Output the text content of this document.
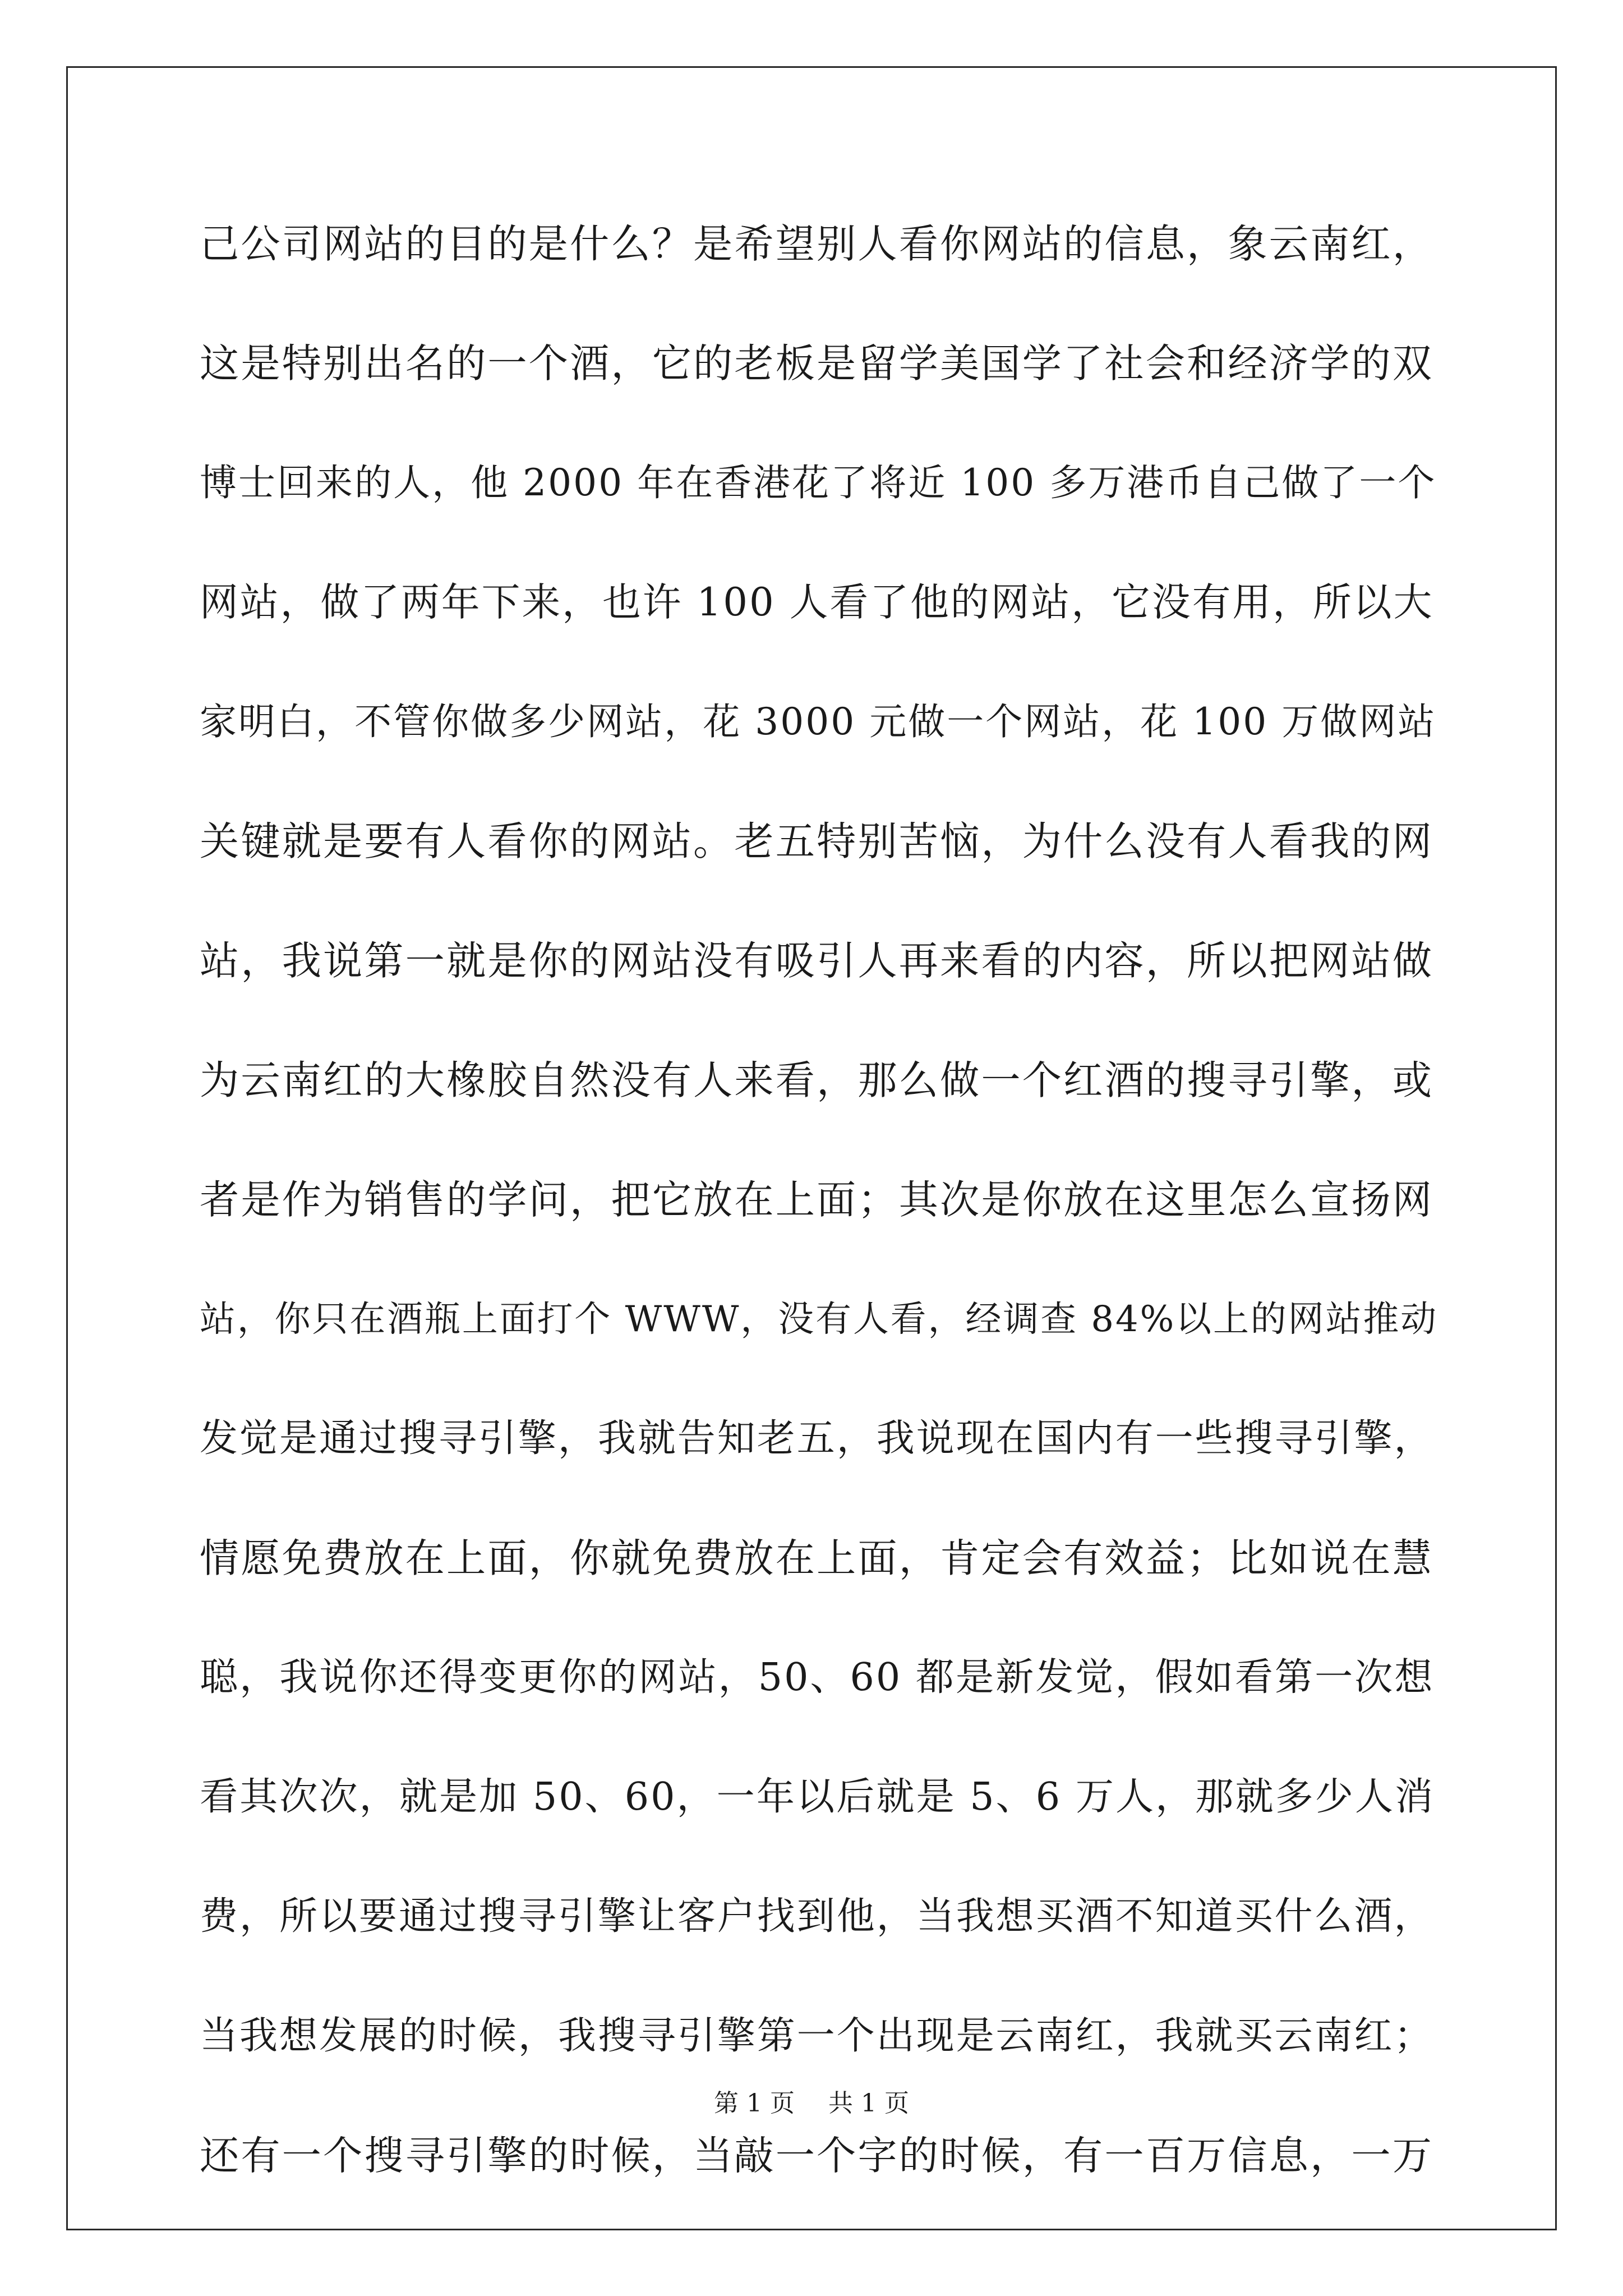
己公司网站的目的是什么？是希望别人看你网站的信息，象云南红，
这是特别出名的一个酒，它的老板是留学美国学了社会和经济学的双
博士回来的人，他 2000 年在香港花了将近 100 多万港币自己做了一个
网站，做了两年下来，也许 100 人看了他的网站，它没有用，所以大
家明白，不管你做多少网站，花 3000 元做一个网站，花 100 万做网站
关键就是要有人看你的网站。老五特别苦恼，为什么没有人看我的网
站，我说第一就是你的网站没有吸引人再来看的内容，所以把网站做
为云南红的大橡胶自然没有人来看，那么做一个红酒的搜寻引擎，或
者是作为销售的学问，把它放在上面；其次是你放在这里怎么宣扬网
站，你只在酒瓶上面打个 WWW，没有人看，经调查 84%以上的网站推动
发觉是通过搜寻引擎，我就告知老五，我说现在国内有一些搜寻引擎，
情愿免费放在上面，你就免费放在上面，肯定会有效益；比如说在慧
聪，我说你还得变更你的网站，50、60 都是新发觉，假如看第一次想
看其次次，就是加 50、60，一年以后就是 5、6 万人，那就多少人消
费，所以要通过搜寻引擎让客户找到他，当我想买酒不知道买什么酒，
当我想发展的时候，我搜寻引擎第一个出现是云南红，我就买云南红；
还有一个搜寻引擎的时候，当敲一个字的时候，有一百万信息，一万
第 1 页 共 1 页
